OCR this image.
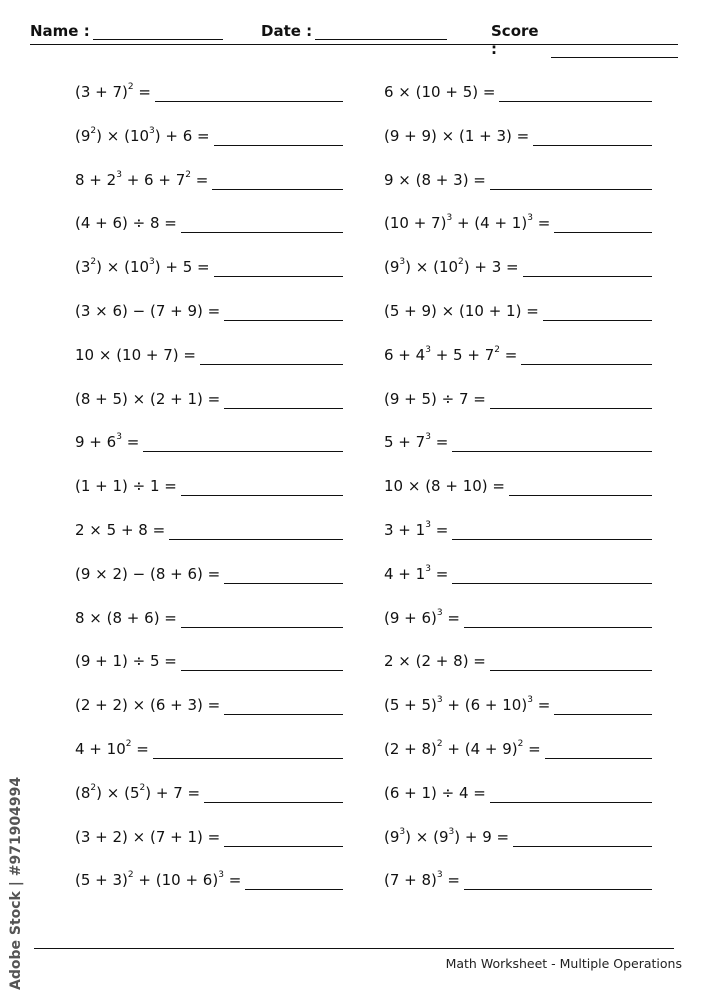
Name :	Date :	Score :
$(3 + 7)^2$ =
$(9^2) \times (10^3) + 6$ =
$8 + 2^3 + 6 + 7^2$ =
(4 + 6) ÷ 8 =
$(3^2) \times (10^3) + 5$ =
(3 × 6) − (7 + 9) =
10 × (10 + 7) =
(8 + 5) × (2 + 1) =
$9 + 6^3$ =
(1 + 1) ÷ 1 =
2 × 5 + 8 =
(9 × 2) − (8 + 6) =
8 × (8 + 6) =
(9 + 1) ÷ 5 =
(2 + 2) × (6 + 3) =
$4 + 10^2$ =
$(8^2) \times (5^2) + 7$ =
(3 + 2) × (7 + 1) =
$(5 + 3)^2 + (10 + 6)^3$ =
6 × (10 + 5) =
(9 + 9) × (1 + 3) =
9 × (8 + 3) =
$(10 + 7)^3 + (4 + 1)^3$ =
$(9^3) \times (10^2) + 3$ =
(5 + 9) × (10 + 1) =
$6 + 4^3 + 5 + 7^2$ =
(9 + 5) ÷ 7 =
$5 + 7^3$ =
10 × (8 + 10) =
$3 + 1^3$ =
$4 + 1^3$ =
$(9 + 6)^3$ =
2 × (2 + 8) =
$(5 + 5)^3 + (6 + 10)^3$ =
$(2 + 8)^2 + (4 + 9)^2$ =
(6 + 1) ÷ 4 =
$(9^3) \times (9^3) + 9$ =
$(7 + 8)^3$ =
Math Worksheet - Multiple Operations
Adobe Stock | #971904994
